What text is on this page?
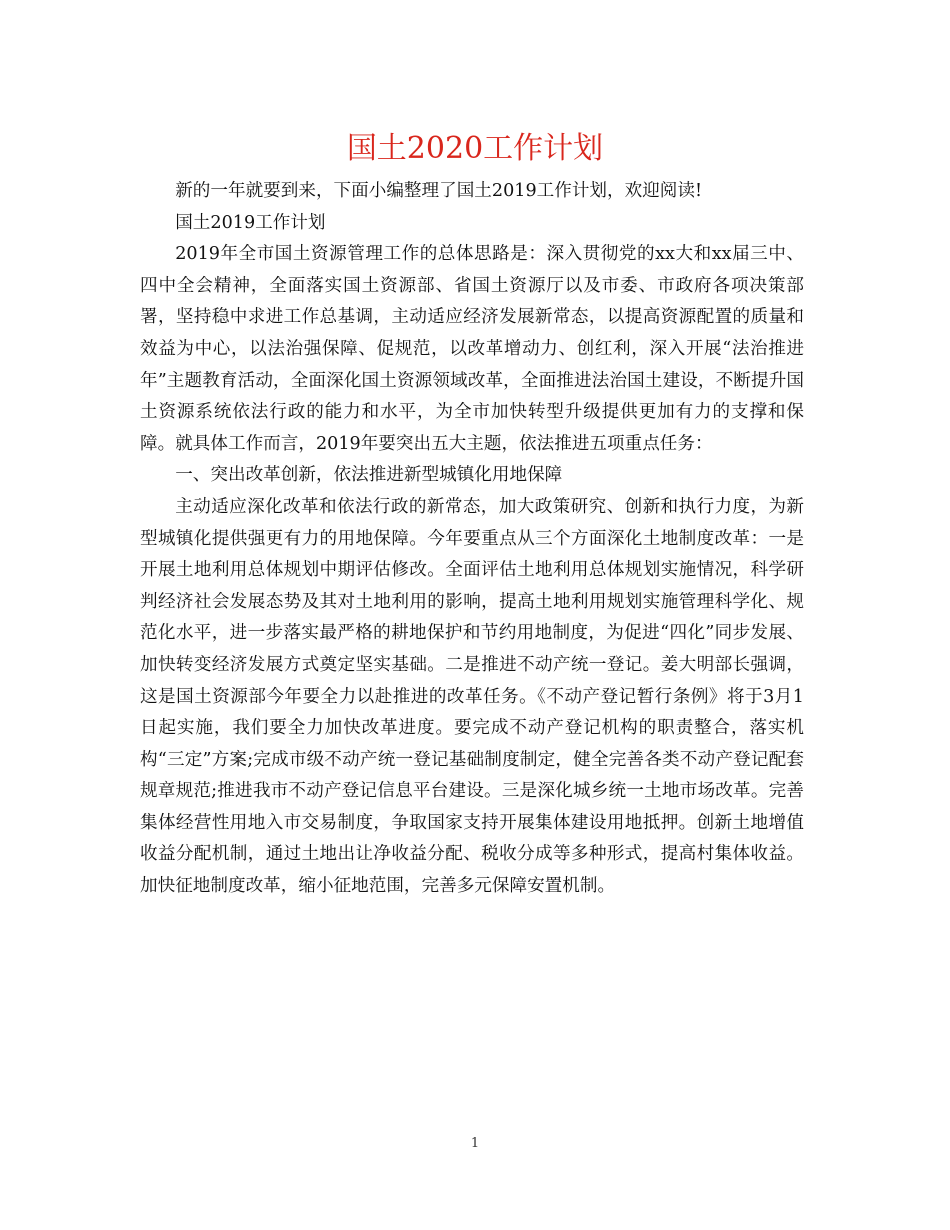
国土2020工作计划

新的一年就要到来，下面小编整理了国土2019工作计划，欢迎阅读!

国土2019工作计划

2019年全市国土资源管理工作的总体思路是：深入贯彻党的xx大和xx届三中、四中全会精神，全面落实国土资源部、省国土资源厅以及市委、市政府各项决策部署，坚持稳中求进工作总基调，主动适应经济发展新常态，以提高资源配置的质量和效益为中心，以法治强保障、促规范，以改革增动力、创红利，深入开展“法治推进年”主题教育活动，全面深化国土资源领域改革，全面推进法治国土建设，不断提升国土资源系统依法行政的能力和水平，为全市加快转型升级提供更加有力的支撑和保障。就具体工作而言，2019年要突出五大主题，依法推进五项重点任务：

一、突出改革创新，依法推进新型城镇化用地保障

主动适应深化改革和依法行政的新常态，加大政策研究、创新和执行力度，为新型城镇化提供强更有力的用地保障。今年要重点从三个方面深化土地制度改革：一是开展土地利用总体规划中期评估修改。全面评估土地利用总体规划实施情况，科学研判经济社会发展态势及其对土地利用的影响，提高土地利用规划实施管理科学化、规范化水平，进一步落实最严格的耕地保护和节约用地制度，为促进“四化”同步发展、加快转变经济发展方式奠定坚实基础。二是推进不动产统一登记。姜大明部长强调，这是国土资源部今年要全力以赴推进的改革任务。《不动产登记暂行条例》将于3月1日起实施，我们要全力加快改革进度。要完成不动产登记机构的职责整合，落实机构“三定”方案;完成市级不动产统一登记基础制度制定，健全完善各类不动产登记配套规章规范;推进我市不动产登记信息平台建设。三是深化城乡统一土地市场改革。完善集体经营性用地入市交易制度，争取国家支持开展集体建设用地抵押。创新土地增值收益分配机制，通过土地出让净收益分配、税收分成等多种形式，提高村集体收益。加快征地制度改革，缩小征地范围，完善多元保障安置机制。

1
